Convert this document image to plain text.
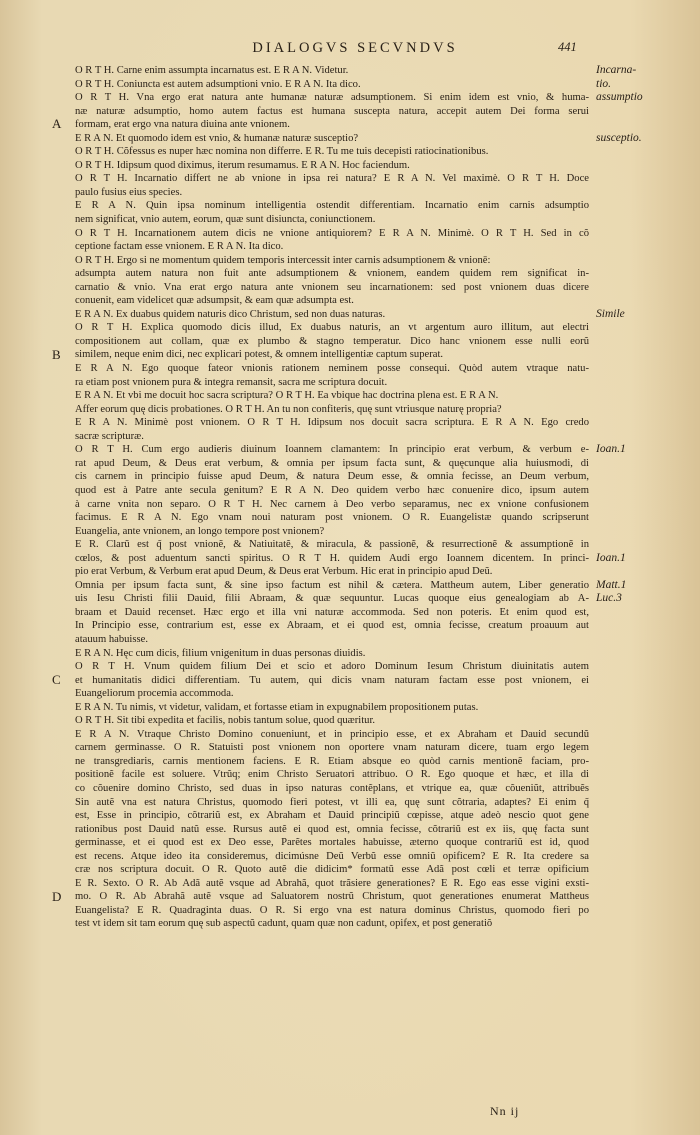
DIALOGVS SECVNDVS	441
O R T H. Carne enim assumpta incarnatus est. E R A N. Videtur.
O R T H. Coniuncta est autem adsumptioni vnio. E R A N. Ita dico.
O R T H. Vna ergo erat natura ante humanæ naturæ adsumptionem. Si enim idem est vnio, & huma-
næ naturæ adsumptio, homo autem factus est humana suscepta natura, accepit autem Dei forma serui
formam, erat ergo vna natura diuina ante vnionem.
E R A N. Et quomodo idem est vnio, & humanæ naturæ susceptio?
O R T H. Cõfessus es nuper hæc nomina non differre. E R. Tu me tuis decepisti ratiocinationibus.
O R T H. Idipsum quod diximus, iterum resumamus. E R A N. Hoc faciendum.
O R T H. Incarnatio differt ne ab vnione in ipsa rei natura? E R A N. Vel maximè. O R T H. Doce
paulo fusius eius species.
E R A N. Quin ipsa nominum intelligentia ostendit differentiam. Incarnatio enim carnis adsumptio
nem significat, vnio autem, eorum, quæ sunt disiuncta, coniunctionem.
O R T H. Incarnationem autem dicis ne vnione antiquiorem? E R A N. Minimè. O R T H. Sed in cõ
ceptione factam esse vnionem. E R A N. Ita dico.
O R T H. Ergo si ne momentum quidem temporis intercessit inter carnis adsumptionem & vnionē:
adsumpta autem natura non fuit ante adsumptionem & vnionem, eandem quidem rem significat in-
carnatio & vnio. Vna erat ergo natura ante vnionem seu incarnationem: sed post vnionem duas dicere
conuenit, eam videlicet quæ adsumpsit, & eam quæ adsumpta est.
E R A N. Ex duabus quidem naturis dico Christum, sed non duas naturas.
O R T H. Explica quomodo dicis illud, Ex duabus naturis, an vt argentum auro illitum, aut electri
compositionem aut collam, quæ ex plumbo & stagno temperatur. Dico hanc vnionem esse nulli eorũ
similem, neque enim dici, nec explicari potest, & omnem intelligentiæ captum superat.
E R A N. Ego quoque fateor vnionis rationem neminem posse consequi. Quòd autem vtraque natu-
ra etiam post vnionem pura & integra remansit, sacra me scriptura docuit.
E R A N. Et vbi me docuit hoc sacra scriptura? O R T H. Ea vbique hac doctrina plena est. E R A N.
Affer eorum quę dicis probationes. O R T H. An tu non confiteris, quę sunt vtriusque naturę propria?
E R A N. Minimè post vnionem. O R T H. Idipsum nos docuit sacra scriptura. E R A N. Ego credo
sacræ scripturæ.
O R T H. Cum ergo audieris diuinum Ioannem clamantem: In principio erat verbum, & verbum e-
rat apud Deum, & Deus erat verbum, & omnia per ipsum facta sunt, & quęcunque alia huiusmodi, di
cis carnem in principio fuisse apud Deum, & natura Deum esse, & omnia fecisse, an Deum verbum,
quod est à Patre ante secula genitum? E R A N. Deo quidem verbo hæc conuenire dico, ipsum autem
à carne vnita non separo. O R T H. Nec carnem à Deo verbo separamus, nec ex vnione confusionem
facimus. E R A N. Ego vnam noui naturam post vnionem. O R. Euangelistæ quando scripserunt
Euangelia, ante vnionem, an longo tempore post vnionem?
E R. Clarũ est q̃ post vnionẽ, & Natiuitatẽ, & miracula, & passionẽ, & resurrectionẽ & assumptionẽ in
cœlos, & post aduentum sancti spiritus. O R T H. quidem Audi ergo Ioannem dicentem. In princi-
pio erat Verbum, & Verbum erat apud Deum, & Deus erat Verbum. Hic erat in principio apud Deũ.
Omnia per ipsum facta sunt, & sine ipso factum est nihil & cætera. Mattheum autem, Liber generatio
uis Iesu Christi filii Dauid, filii Abraam, & quæ sequuntur. Lucas quoque eius genealogiam ab A-
braam et Dauid recenset. Hæc ergo et illa vni naturæ accommoda. Sed non poteris. Et enim quod est,
In Principio esse, contrarium est, esse ex Abraam, et ei quod est, omnia fecisse, creatum proauum aut
atauum habuisse.
E R A N. Hęc cum dicis, filium vnigenitum in duas personas diuidis.
O R T H. Vnum quidem filium Dei et scio et adoro Dominum Iesum Christum diuinitatis autem
et humanitatis didici differentiam. Tu autem, qui dicis vnam naturam factam esse post vnionem, ei
Euangeliorum procemia accommoda.
E R A N. Tu nimis, vt videtur, validam, et fortasse etiam in expugnabilem propositionem putas.
O R T H. Sit tibi expedita et facilis, nobis tantum solue, quod quæritur.
E R A N. Vtraque Christo Domino conueniunt, et in principio esse, et ex Abraham et Dauid secundũ
carnem germinasse. O R. Statuisti post vnionem non oportere vnam naturam dicere, tuam ergo legem
ne transgrediaris, carnis mentionem faciens. E R. Etiam absque eo quòd carnis mentionẽ faciam, pro-
positionẽ facile est soluere. Vtrũq; enim Christo Seruatori attribuo. O R. Ego quoque et hæc, et illa di
co cõuenire domino Christo, sed duas in ipso naturas contẽplans, et vtrique ea, quæ cõueniũt, attribuẽs
Sin autẽ vna est natura Christus, quomodo fieri potest, vt illi ea, quę sunt cõtraria, adaptes? Ei enim q̃
est, Esse in principio, cõtrariũ est, ex Abraham et Dauid principiũ cœpisse, atque adeò nescio quot gene
rationibus post Dauid natũ esse. Rursus autẽ ei quod est, omnia fecisse, cõtrariũ est ex iis, quę facta sunt
germinasse, et ei quod est ex Deo esse, Parẽtes mortales habuisse, æterno quoque contrariũ est id, quod
est recens. Atque ideo ita consideremus, dicimúsne Deũ Verbũ esse omniũ opificem? E R. Ita credere sa
cræ nos scriptura docuit. O R. Quoto autẽ die didicim* formatũ esse Adã post cœli et terræ opificium
E R. Sexto. O R. Ab Adã autẽ vsque ad Abrahã, quot trãsiere generationes? E R. Ego eas esse vigini exsti-
mo. O R. Ab Abrahã autẽ vsque ad Saluatorem nostrũ Christum, quot generationes enumerat Mattheus
Euangelista? E R. Quadraginta duas. O R. Si ergo vna est natura dominus Christus, quomodo fieri po
test vt idem sit tam eorum quę sub aspectũ cadunt, quam quæ non cadunt, opifex, et post generatiõ
A
B
C
D
Incarna-
tio.
assumptio
susceptio.
Simile
Ioan.1
Ioan.1
Matt.1
Luc.3
Nn ij
